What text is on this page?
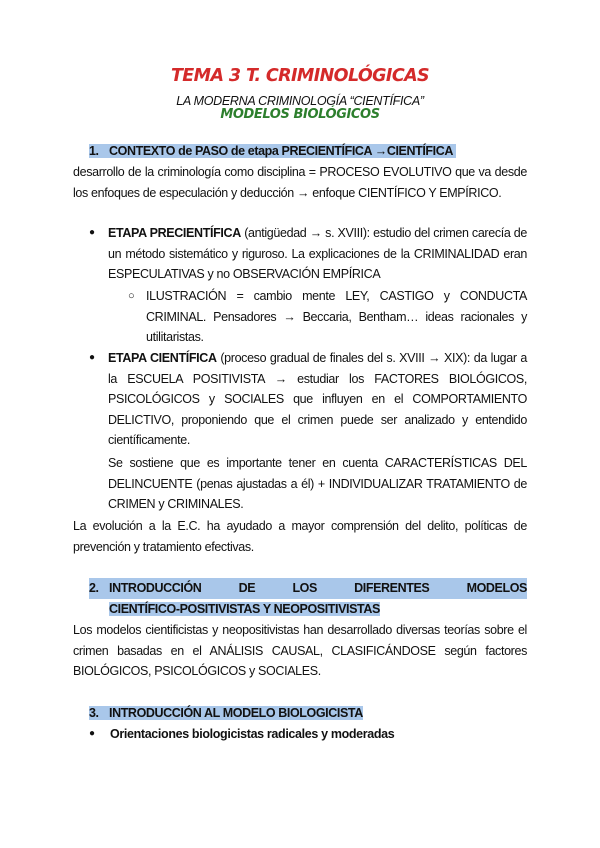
TEMA 3 T. CRIMINOLÓGICAS
LA MODERNA CRIMINOLOGÍA “CIENTÍFICA”
MODELOS BIOLÓGICOS
1. CONTEXTO de PASO de etapa PRECIENTÍFICA →CIENTÍFICA
desarrollo de la criminología como disciplina = PROCESO EVOLUTIVO que va desde los enfoques de especulación y deducción → enfoque CIENTÍFICO Y EMPÍRICO.
● ETAPA PRECIENTÍFICA (antigüedad → s. XVIII): estudio del crimen carecía de un método sistemático y riguroso. La explicaciones de la CRIMINALIDAD eran ESPECULATIVAS y no OBSERVACIÓN EMPÍRICA
○ ILUSTRACIÓN = cambio mente LEY, CASTIGO y CONDUCTA CRIMINAL. Pensadores → Beccaria, Bentham… ideas racionales y utilitaristas.
● ETAPA CIENTÍFICA (proceso gradual de finales del s. XVIII → XIX): da lugar a la ESCUELA POSITIVISTA → estudiar los FACTORES BIOLÓGICOS, PSICOLÓGICOS y SOCIALES que influyen en el COMPORTAMIENTO DELICTIVO, proponiendo que el crimen puede ser analizado y entendido científicamente.
Se sostiene que es importante tener en cuenta CARACTERÍSTICAS DEL DELINCUENTE (penas ajustadas a él) + INDIVIDUALIZAR TRATAMIENTO de CRIMEN y CRIMINALES.
La evolución a la E.C. ha ayudado a mayor comprensión del delito, políticas de prevención y tratamiento efectivas.
2. INTRODUCCIÓN	DE	LOS	DIFERENTES	MODELOS
CIENTÍFICO-POSITIVISTAS Y NEOPOSITIVISTAS
Los modelos cientificistas y neopositivistas han desarrollado diversas teorías sobre el crimen basadas en el ANÁLISIS CAUSAL, CLASIFICÁNDOSE según factores BIOLÓGICOS, PSICOLÓGICOS y SOCIALES.
3. INTRODUCCIÓN AL MODELO BIOLOGICISTA
● Orientaciones biologicistas radicales y moderadas
